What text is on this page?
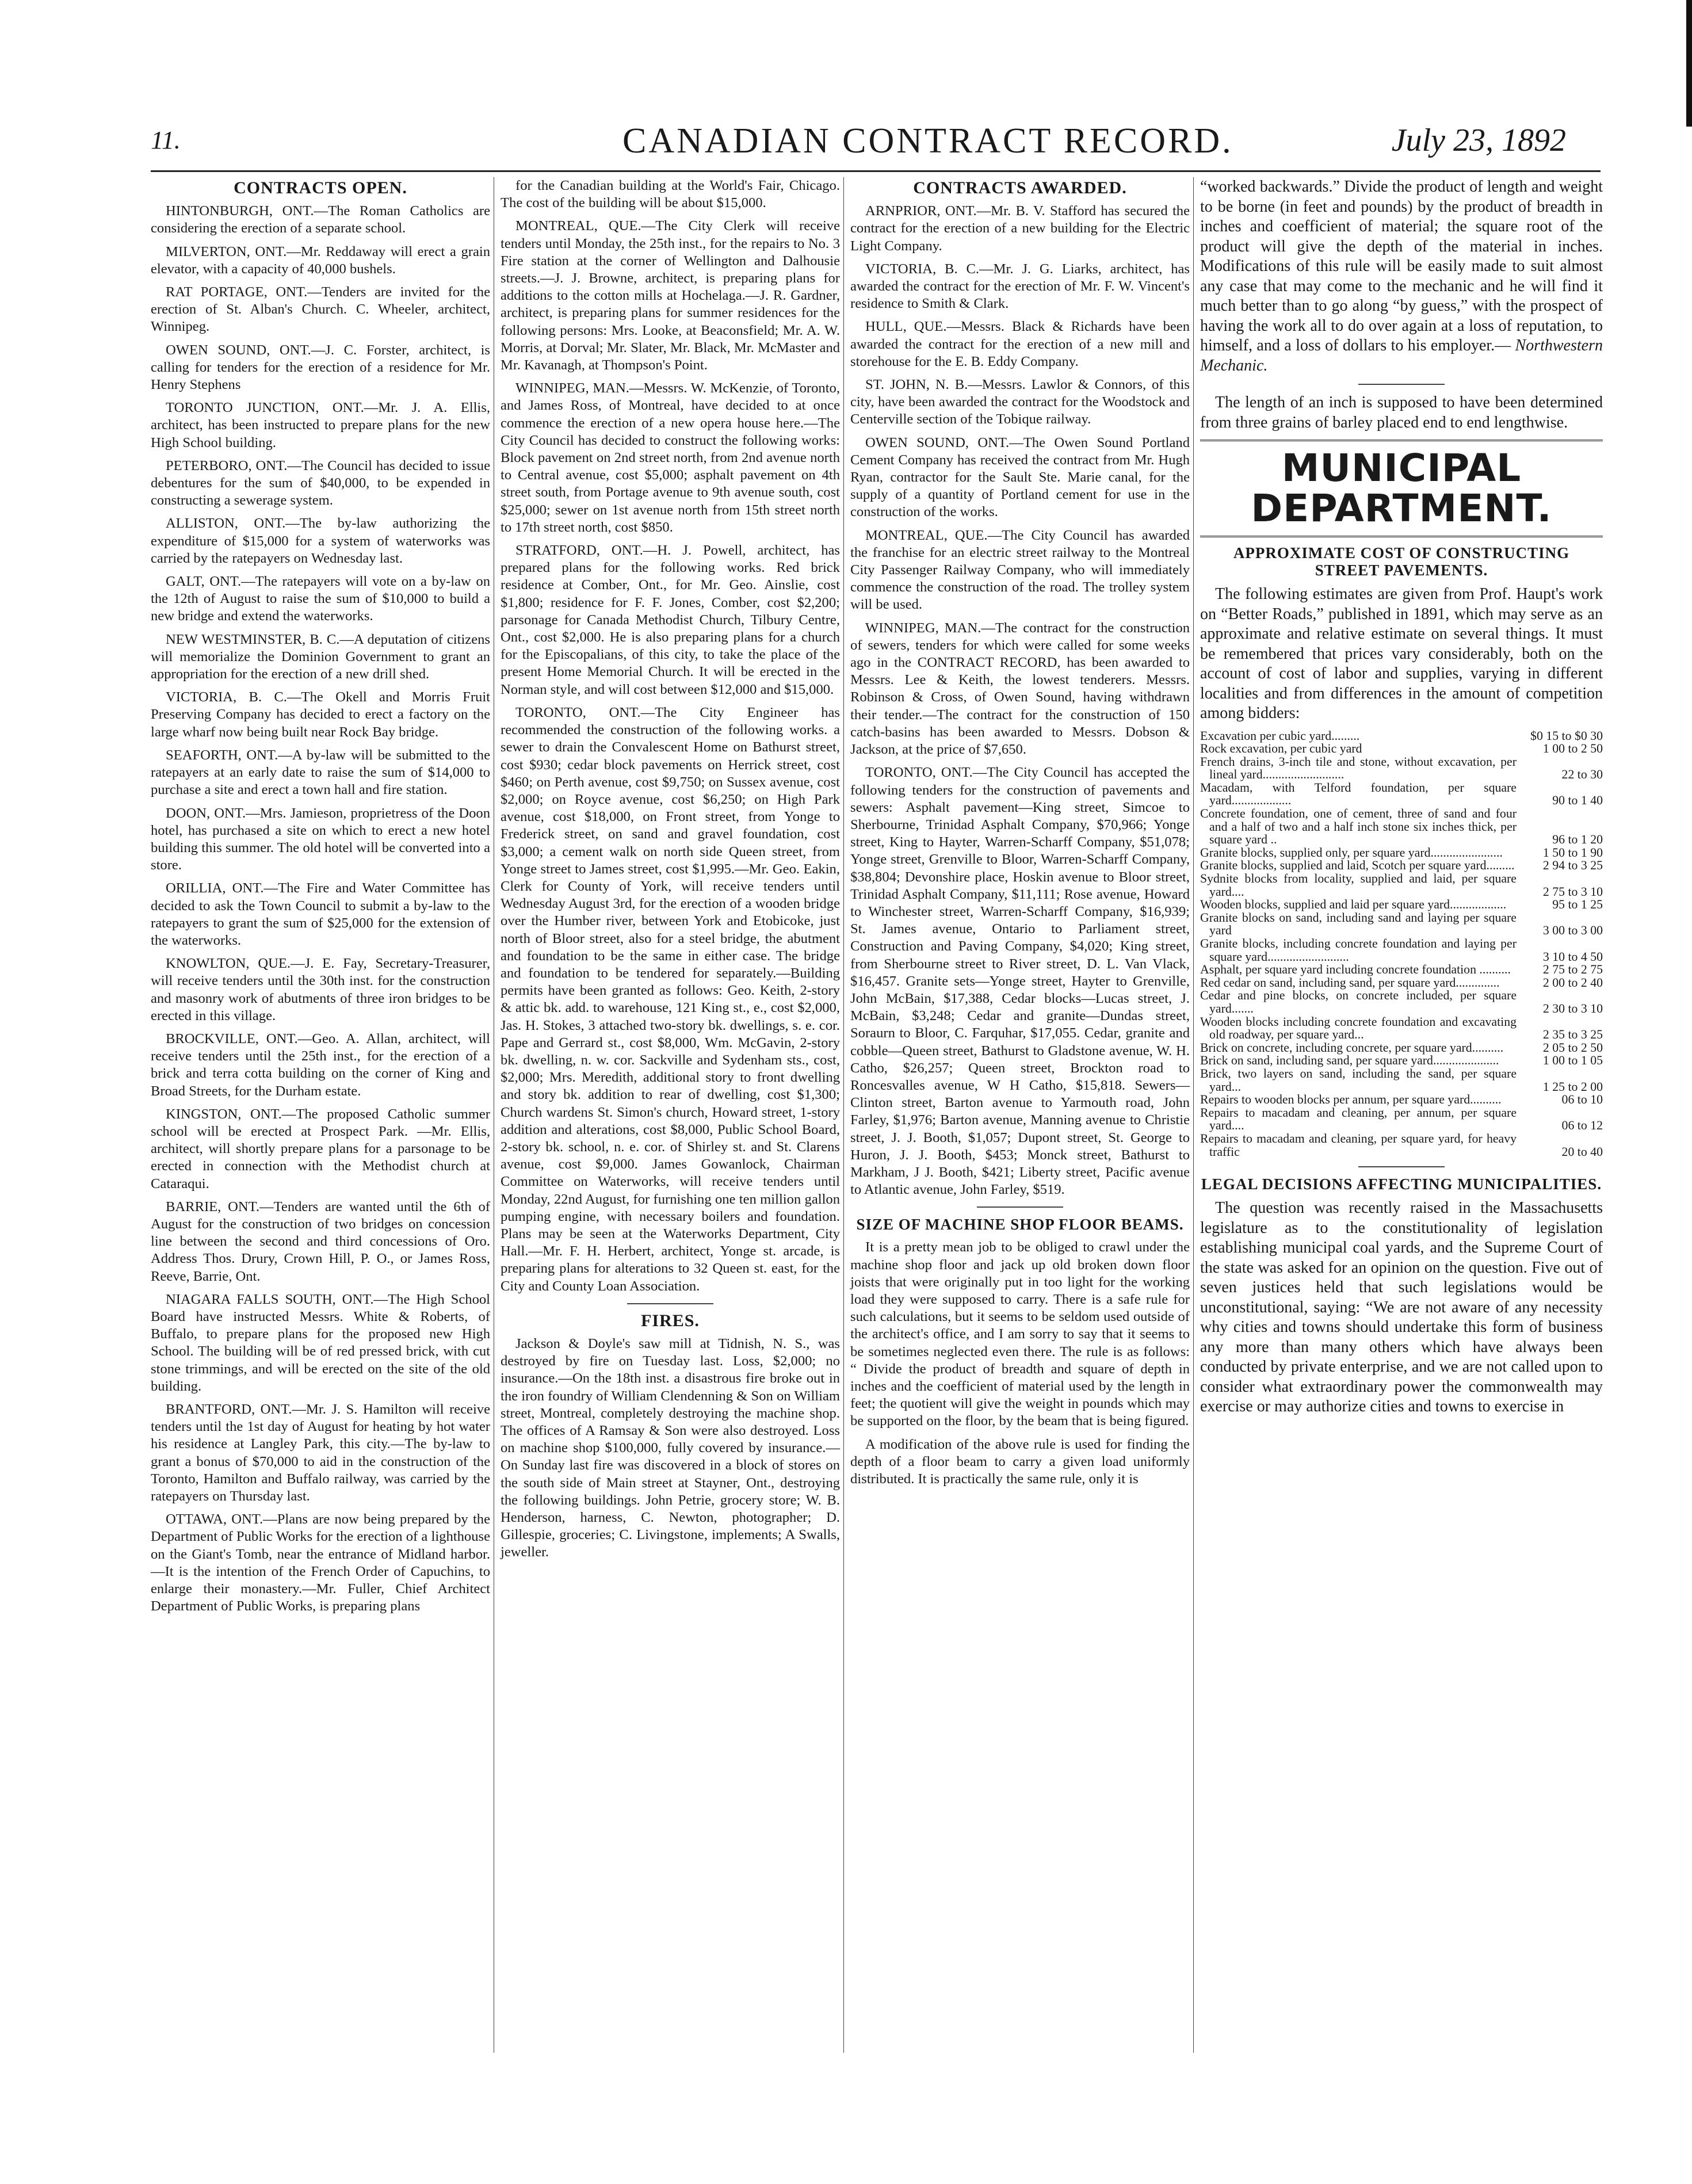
11.	CANADIAN CONTRACT RECORD.	July 23, 1892
CONTRACTS OPEN.

HINTONBURGH, ONT.—The Roman Catholics are considering the erection of a separate school.

MILVERTON, ONT.—Mr. Reddaway will erect a grain elevator, with a capacity of 40,000 bushels.

RAT PORTAGE, ONT.—Tenders are invited for the erection of St. Alban's Church. C. Wheeler, architect, Winnipeg.

OWEN SOUND, ONT.—J. C. Forster, architect, is calling for tenders for the erection of a residence for Mr. Henry Stephens

TORONTO JUNCTION, ONT.—Mr. J. A. Ellis, architect, has been instructed to prepare plans for the new High School building.

PETERBORO, ONT.—The Council has decided to issue debentures for the sum of $40,000, to be expended in constructing a sewerage system.

ALLISTON, ONT.—The by-law authorizing the expenditure of $15,000 for a system of waterworks was carried by the ratepayers on Wednesday last.

GALT, ONT.—The ratepayers will vote on a by-law on the 12th of August to raise the sum of $10,000 to build a new bridge and extend the waterworks.

NEW WESTMINSTER, B. C.—A deputation of citizens will memorialize the Dominion Government to grant an appropriation for the erection of a new drill shed.

VICTORIA, B. C.—The Okell and Morris Fruit Preserving Company has decided to erect a factory on the large wharf now being built near Rock Bay bridge.

SEAFORTH, ONT.—A by-law will be submitted to the ratepayers at an early date to raise the sum of $14,000 to purchase a site and erect a town hall and fire station.

DOON, ONT.—Mrs. Jamieson, proprietress of the Doon hotel, has purchased a site on which to erect a new hotel building this summer. The old hotel will be converted into a store.

ORILLIA, ONT.—The Fire and Water Committee has decided to ask the Town Council to submit a by-law to the ratepayers to grant the sum of $25,000 for the extension of the waterworks.

KNOWLTON, QUE.—J. E. Fay, Secretary-Treasurer, will receive tenders until the 30th inst. for the construction and masonry work of abutments of three iron bridges to be erected in this village.

BROCKVILLE, ONT.—Geo. A. Allan, architect, will receive tenders until the 25th inst., for the erection of a brick and terra cotta building on the corner of King and Broad Streets, for the Durham estate.

KINGSTON, ONT.—The proposed Catholic summer school will be erected at Prospect Park. —Mr. Ellis, architect, will shortly prepare plans for a parsonage to be erected in connection with the Methodist church at Cataraqui.

BARRIE, ONT.—Tenders are wanted until the 6th of August for the construction of two bridges on concession line between the second and third concessions of Oro. Address Thos. Drury, Crown Hill, P. O., or James Ross, Reeve, Barrie, Ont.

NIAGARA FALLS SOUTH, ONT.—The High School Board have instructed Messrs. White & Roberts, of Buffalo, to prepare plans for the proposed new High School. The building will be of red pressed brick, with cut stone trimmings, and will be erected on the site of the old building.

BRANTFORD, ONT.—Mr. J. S. Hamilton will receive tenders until the 1st day of August for heating by hot water his residence at Langley Park, this city.—The by-law to grant a bonus of $70,000 to aid in the construction of the Toronto, Hamilton and Buffalo railway, was carried by the ratepayers on Thursday last.

OTTAWA, ONT.—Plans are now being prepared by the Department of Public Works for the erection of a lighthouse on the Giant's Tomb, near the entrance of Midland harbor.—It is the intention of the French Order of Capuchins, to enlarge their monastery.—Mr. Fuller, Chief Architect Department of Public Works, is preparing plans

for the Canadian building at the World's Fair, Chicago. The cost of the building will be about $15,000.

MONTREAL, QUE.—The City Clerk will receive tenders until Monday, the 25th inst., for the repairs to No. 3 Fire station at the corner of Wellington and Dalhousie streets.—J. J. Browne, architect, is preparing plans for additions to the cotton mills at Hochelaga.—J. R. Gardner, architect, is preparing plans for summer residences for the following persons: Mrs. Looke, at Beaconsfield; Mr. A. W. Morris, at Dorval; Mr. Slater, Mr. Black, Mr. McMaster and Mr. Kavanagh, at Thompson's Point.

WINNIPEG, MAN.—Messrs. W. McKenzie, of Toronto, and James Ross, of Montreal, have decided to at once commence the erection of a new opera house here.—The City Council has decided to construct the following works: Block pavement on 2nd street north, from 2nd avenue north to Central avenue, cost $5,000; asphalt pavement on 4th street south, from Portage avenue to 9th avenue south, cost $25,000; sewer on 1st avenue north from 15th street north to 17th street north, cost $850.

STRATFORD, ONT.—H. J. Powell, architect, has prepared plans for the following works. Red brick residence at Comber, Ont., for Mr. Geo. Ainslie, cost $1,800; residence for F. F. Jones, Comber, cost $2,200; parsonage for Canada Methodist Church, Tilbury Centre, Ont., cost $2,000. He is also preparing plans for a church for the Episcopalians, of this city, to take the place of the present Home Memorial Church. It will be erected in the Norman style, and will cost between $12,000 and $15,000.

TORONTO, ONT.—The City Engineer has recommended the construction of the following works. a sewer to drain the Convalescent Home on Bathurst street, cost $930; cedar block pavements on Herrick street, cost $460; on Perth avenue, cost $9,750; on Sussex avenue, cost $2,000; on Royce avenue, cost $6,250; on High Park avenue, cost $18,000, on Front street, from Yonge to Frederick street, on sand and gravel foundation, cost $3,000; a cement walk on north side Queen street, from Yonge street to James street, cost $1,995.—Mr. Geo. Eakin, Clerk for County of York, will receive tenders until Wednesday August 3rd, for the erection of a wooden bridge over the Humber river, between York and Etobicoke, just north of Bloor street, also for a steel bridge, the abutment and foundation to be the same in either case. The bridge and foundation to be tendered for separately.—Building permits have been granted as follows: Geo. Keith, 2-story & attic bk. add. to warehouse, 121 King st., e., cost $2,000, Jas. H. Stokes, 3 attached two-story bk. dwellings, s. e. cor. Pape and Gerrard st., cost $8,000, Wm. McGavin, 2-story bk. dwelling, n. w. cor. Sackville and Sydenham sts., cost, $2,000; Mrs. Meredith, additional story to front dwelling and story bk. addition to rear of dwelling, cost $1,300; Church wardens St. Simon's church, Howard street, 1-story addition and alterations, cost $8,000, Public School Board, 2-story bk. school, n. e. cor. of Shirley st. and St. Clarens avenue, cost $9,000. James Gowanlock, Chairman Committee on Waterworks, will receive tenders until Monday, 22nd August, for furnishing one ten million gallon pumping engine, with necessary boilers and foundation. Plans may be seen at the Waterworks Department, City Hall.—Mr. F. H. Herbert, architect, Yonge st. arcade, is preparing plans for alterations to 32 Queen st. east, for the City and County Loan Association.

FIRES.

Jackson & Doyle's saw mill at Tidnish, N. S., was destroyed by fire on Tuesday last. Loss, $2,000; no insurance.—On the 18th inst. a disastrous fire broke out in the iron foundry of William Clendenning & Son on William street, Montreal, completely destroying the machine shop. The offices of A Ramsay & Son were also destroyed. Loss on machine shop $100,000, fully covered by insurance.—On Sunday last fire was discovered in a block of stores on the south side of Main street at Stayner, Ont., destroying the following buildings. John Petrie, grocery store; W. B. Henderson, harness, C. Newton, photographer; D. Gillespie, groceries; C. Livingstone, implements; A Swalls, jeweller.

CONTRACTS AWARDED.

ARNPRIOR, ONT.—Mr. B. V. Stafford has secured the contract for the erection of a new building for the Electric Light Company.

VICTORIA, B. C.—Mr. J. G. Liarks, architect, has awarded the contract for the erection of Mr. F. W. Vincent's residence to Smith & Clark.

HULL, QUE.—Messrs. Black & Richards have been awarded the contract for the erection of a new mill and storehouse for the E. B. Eddy Company.

ST. JOHN, N. B.—Messrs. Lawlor & Connors, of this city, have been awarded the contract for the Woodstock and Centerville section of the Tobique railway.

OWEN SOUND, ONT.—The Owen Sound Portland Cement Company has received the contract from Mr. Hugh Ryan, contractor for the Sault Ste. Marie canal, for the supply of a quantity of Portland cement for use in the construction of the works.

MONTREAL, QUE.—The City Council has awarded the franchise for an electric street railway to the Montreal City Passenger Railway Company, who will immediately commence the construction of the road. The trolley system will be used.

WINNIPEG, MAN.—The contract for the construction of sewers, tenders for which were called for some weeks ago in the CONTRACT RECORD, has been awarded to Messrs. Lee & Keith, the lowest tenderers. Messrs. Robinson & Cross, of Owen Sound, having withdrawn their tender.—The contract for the construction of 150 catch-basins has been awarded to Messrs. Dobson & Jackson, at the price of $7,650.

TORONTO, ONT.—The City Council has accepted the following tenders for the construction of pavements and sewers: Asphalt pavement—King street, Simcoe to Sherbourne, Trinidad Asphalt Company, $70,966; Yonge street, King to Hayter, Warren-Scharff Company, $51,078; Yonge street, Grenville to Bloor, Warren-Scharff Company, $38,804; Devonshire place, Hoskin avenue to Bloor street, Trinidad Asphalt Company, $11,111; Rose avenue, Howard to Winchester street, Warren-Scharff Company, $16,939; St. James avenue, Ontario to Parliament street, Construction and Paving Company, $4,020; King street, from Sherbourne street to River street, D. L. Van Vlack, $16,457. Granite sets—Yonge street, Hayter to Grenville, John McBain, $17,388, Cedar blocks—Lucas street, J. McBain, $3,248; Cedar and granite—Dundas street, Soraurn to Bloor, C. Farquhar, $17,055. Cedar, granite and cobble—Queen street, Bathurst to Gladstone avenue, W. H. Catho, $26,257; Queen street, Brockton road to Roncesvalles avenue, W H Catho, $15,818. Sewers—Clinton street, Barton avenue to Yarmouth road, John Farley, $1,976; Barton avenue, Manning avenue to Christie street, J. J. Booth, $1,057; Dupont street, St. George to Huron, J. J. Booth, $453; Monck street, Bathurst to Markham, J J. Booth, $421; Liberty street, Pacific avenue to Atlantic avenue, John Farley, $519.

SIZE OF MACHINE SHOP FLOOR BEAMS.

It is a pretty mean job to be obliged to crawl under the machine shop floor and jack up old broken down floor joists that were originally put in too light for the working load they were supposed to carry. There is a safe rule for such calculations, but it seems to be seldom used outside of the architect's office, and I am sorry to say that it seems to be sometimes neglected even there. The rule is as follows: “ Divide the product of breadth and square of depth in inches and the coefficient of material used by the length in feet; the quotient will give the weight in pounds which may be supported on the floor, by the beam that is being figured.

A modification of the above rule is used for finding the depth of a floor beam to carry a given load uniformly distributed. It is practically the same rule, only it is

“worked backwards.” Divide the product of length and weight to be borne (in feet and pounds) by the product of breadth in inches and coefficient of material; the square root of the product will give the depth of the material in inches. Modifications of this rule will be easily made to suit almost any case that may come to the mechanic and he will find it much better than to go along “by guess,” with the prospect of having the work all to do over again at a loss of reputation, to himself, and a loss of dollars to his employer.— Northwestern Mechanic.

The length of an inch is supposed to have been determined from three grains of barley placed end to end lengthwise.

MUNICIPAL DEPARTMENT.
APPROXIMATE COST OF CONSTRUCTING STREET PAVEMENTS.

The following estimates are given from Prof. Haupt's work on “Better Roads,” published in 1891, which may serve as an approximate and relative estimate on several things. It must be remembered that prices vary considerably, both on the account of cost of labor and supplies, varying in different localities and from differences in the amount of competition among bidders:

Excavation per cubic yard.........	$0 15 to $0 30
Rock excavation, per cubic yard	1 00 to 2 50
French drains, 3-inch tile and stone, without excavation, per lineal yard..........................	22 to 30
Macadam, with Telford foundation, per square yard...................	90 to 1 40
Concrete foundation, one of cement, three of sand and four and a half of two and a half inch stone six inches thick, per square yard ..	96 to 1 20
Granite blocks, supplied only, per square yard.......................	1 50 to 1 90
Granite blocks, supplied and laid, Scotch per square yard.........	2 94 to 3 25
Sydnite blocks from locality, supplied and laid, per square yard....	2 75 to 3 10
Wooden blocks, supplied and laid per square yard..................	95 to 1 25
Granite blocks on sand, including sand and laying per square yard	3 00 to 3 00
Granite blocks, including concrete foundation and laying per square yard..........................	3 10 to 4 50
Asphalt, per square yard including concrete foundation ..........	2 75 to 2 75
Red cedar on sand, including sand, per square yard..............	2 00 to 2 40
Cedar and pine blocks, on concrete included, per square yard.......	2 30 to 3 10
Wooden blocks including concrete foundation and excavating old roadway, per square yard...	2 35 to 3 25
Brick on concrete, including concrete, per square yard..........	2 05 to 2 50
Brick on sand, including sand, per square yard.....................	1 00 to 1 05
Brick, two layers on sand, including the sand, per square yard...	1 25 to 2 00
Repairs to wooden blocks per annum, per square yard..........	06 to 10
Repairs to macadam and cleaning, per annum, per square yard....	06 to 12
Repairs to macadam and cleaning, per square yard, for heavy traffic	20 to 40
LEGAL DECISIONS AFFECTING MUNICIPALITIES.

The question was recently raised in the Massachusetts legislature as to the constitutionality of legislation establishing municipal coal yards, and the Supreme Court of the state was asked for an opinion on the question. Five out of seven justices held that such legislations would be unconstitutional, saying: “We are not aware of any necessity why cities and towns should undertake this form of business any more than many others which have always been conducted by private enterprise, and we are not called upon to consider what extraordinary power the commonwealth may exercise or may authorize cities and towns to exercise in
